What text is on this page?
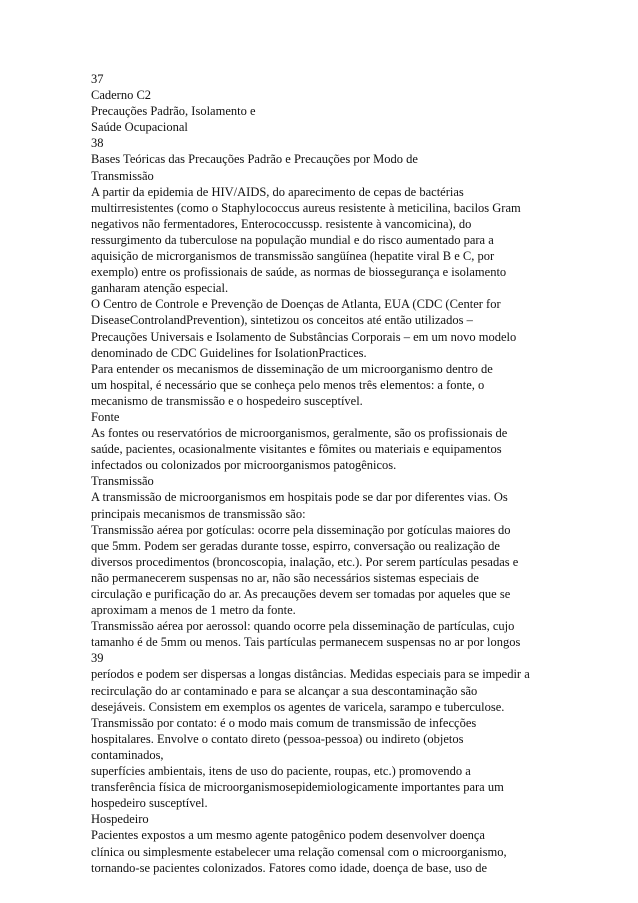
37
Caderno C2
Precauções Padrão, Isolamento e
Saúde Ocupacional
38
Bases Teóricas das Precauções Padrão e Precauções por Modo de
Transmissão
A partir da epidemia de HIV/AIDS, do aparecimento de cepas de bactérias
multirresistentes (como o Staphylococcus aureus resistente à meticilina, bacilos Gram
negativos não fermentadores, Enterococcussp. resistente à vancomicina), do
ressurgimento da tuberculose na população mundial e do risco aumentado para a
aquisição de microrganismos de transmissão sangüínea (hepatite viral B e C, por
exemplo) entre os profissionais de saúde, as normas de biossegurança e isolamento
ganharam atenção especial.
O Centro de Controle e Prevenção de Doenças de Atlanta, EUA (CDC (Center for
DiseaseControlandPrevention), sintetizou os conceitos até então utilizados –
Precauções Universais e Isolamento de Substâncias Corporais – em um novo modelo
denominado de CDC Guidelines for IsolationPractices.
Para entender os mecanismos de disseminação de um microorganismo dentro de
um hospital, é necessário que se conheça pelo menos três elementos: a fonte, o
mecanismo de transmissão e o hospedeiro susceptível.
Fonte
As fontes ou reservatórios de microorganismos, geralmente, são os profissionais de
saúde, pacientes, ocasionalmente visitantes e fômites ou materiais e equipamentos
infectados ou colonizados por microorganismos patogênicos.
Transmissão
A transmissão de microorganismos em hospitais pode se dar por diferentes vias. Os
principais mecanismos de transmissão são:
Transmissão aérea por gotículas: ocorre pela disseminação por gotículas maiores do
que 5mm. Podem ser geradas durante tosse, espirro, conversação ou realização de
diversos procedimentos (broncoscopia, inalação, etc.). Por serem partículas pesadas e
não permanecerem suspensas no ar, não são necessários sistemas especiais de
circulação e purificação do ar. As precauções devem ser tomadas por aqueles que se
aproximam a menos de 1 metro da fonte.
Transmissão aérea por aerossol: quando ocorre pela disseminação de partículas, cujo
tamanho é de 5mm ou menos. Tais partículas permanecem suspensas no ar por longos
39
períodos e podem ser dispersas a longas distâncias. Medidas especiais para se impedir a
recirculação do ar contaminado e para se alcançar a sua descontaminação são
desejáveis. Consistem em exemplos os agentes de varicela, sarampo e tuberculose.
Transmissão por contato: é o modo mais comum de transmissão de infecções
hospitalares. Envolve o contato direto (pessoa-pessoa) ou indireto (objetos
contaminados,
superfícies ambientais, itens de uso do paciente, roupas, etc.) promovendo a
transferência física de microorganismosepidemiologicamente importantes para um
hospedeiro susceptível.
Hospedeiro
Pacientes expostos a um mesmo agente patogênico podem desenvolver doença
clínica ou simplesmente estabelecer uma relação comensal com o microorganismo,
tornando-se pacientes colonizados. Fatores como idade, doença de base, uso de
